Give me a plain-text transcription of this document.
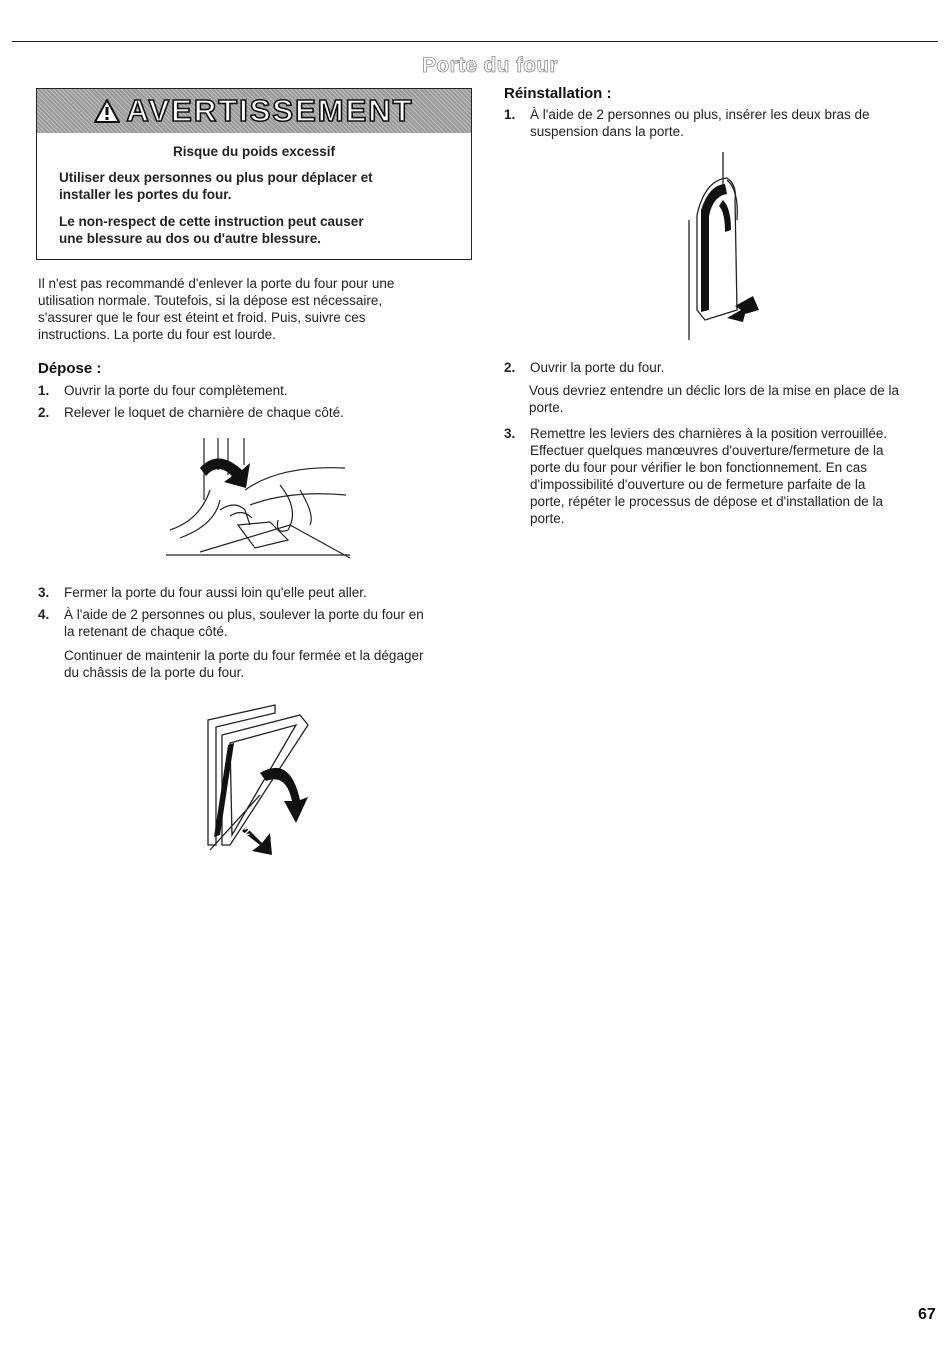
Porte du four
AVERTISSEMENT
Risque du poids excessif
Utiliser deux personnes ou plus pour déplacer et
installer les portes du four.
Le non-respect de cette instruction peut causer
une blessure au dos ou d'autre blessure.
Il n'est pas recommandé d'enlever la porte du four pour une
utilisation normale. Toutefois, si la dépose est nécessaire,
s'assurer que le four est éteint et froid. Puis, suivre ces
instructions. La porte du four est lourde.
Dépose :
1. Ouvrir la porte du four complètement.
2. Relever le loquet de charnière de chaque côté.
3. Fermer la porte du four aussi loin qu'elle peut aller.
4. À l'aide de 2 personnes ou plus, soulever la porte du four en
la retenant de chaque côté.
Continuer de maintenir la porte du four fermée et la dégager
du châssis de la porte du four.
2
Réinstallation :
1. À l'aide de 2 personnes ou plus, insérer les deux bras de
suspension dans la porte.
2. Ouvrir la porte du four.
Vous devriez entendre un déclic lors de la mise en place de la
porte.
3. Remettre les leviers des charnières à la position verrouillée.
Effectuer quelques manœuvres d'ouverture/fermeture de la
porte du four pour vérifier le bon fonctionnement. En cas
d'impossibilité d'ouverture ou de fermeture parfaite de la
porte, répéter le processus de dépose et d'installation de la
porte.
67
